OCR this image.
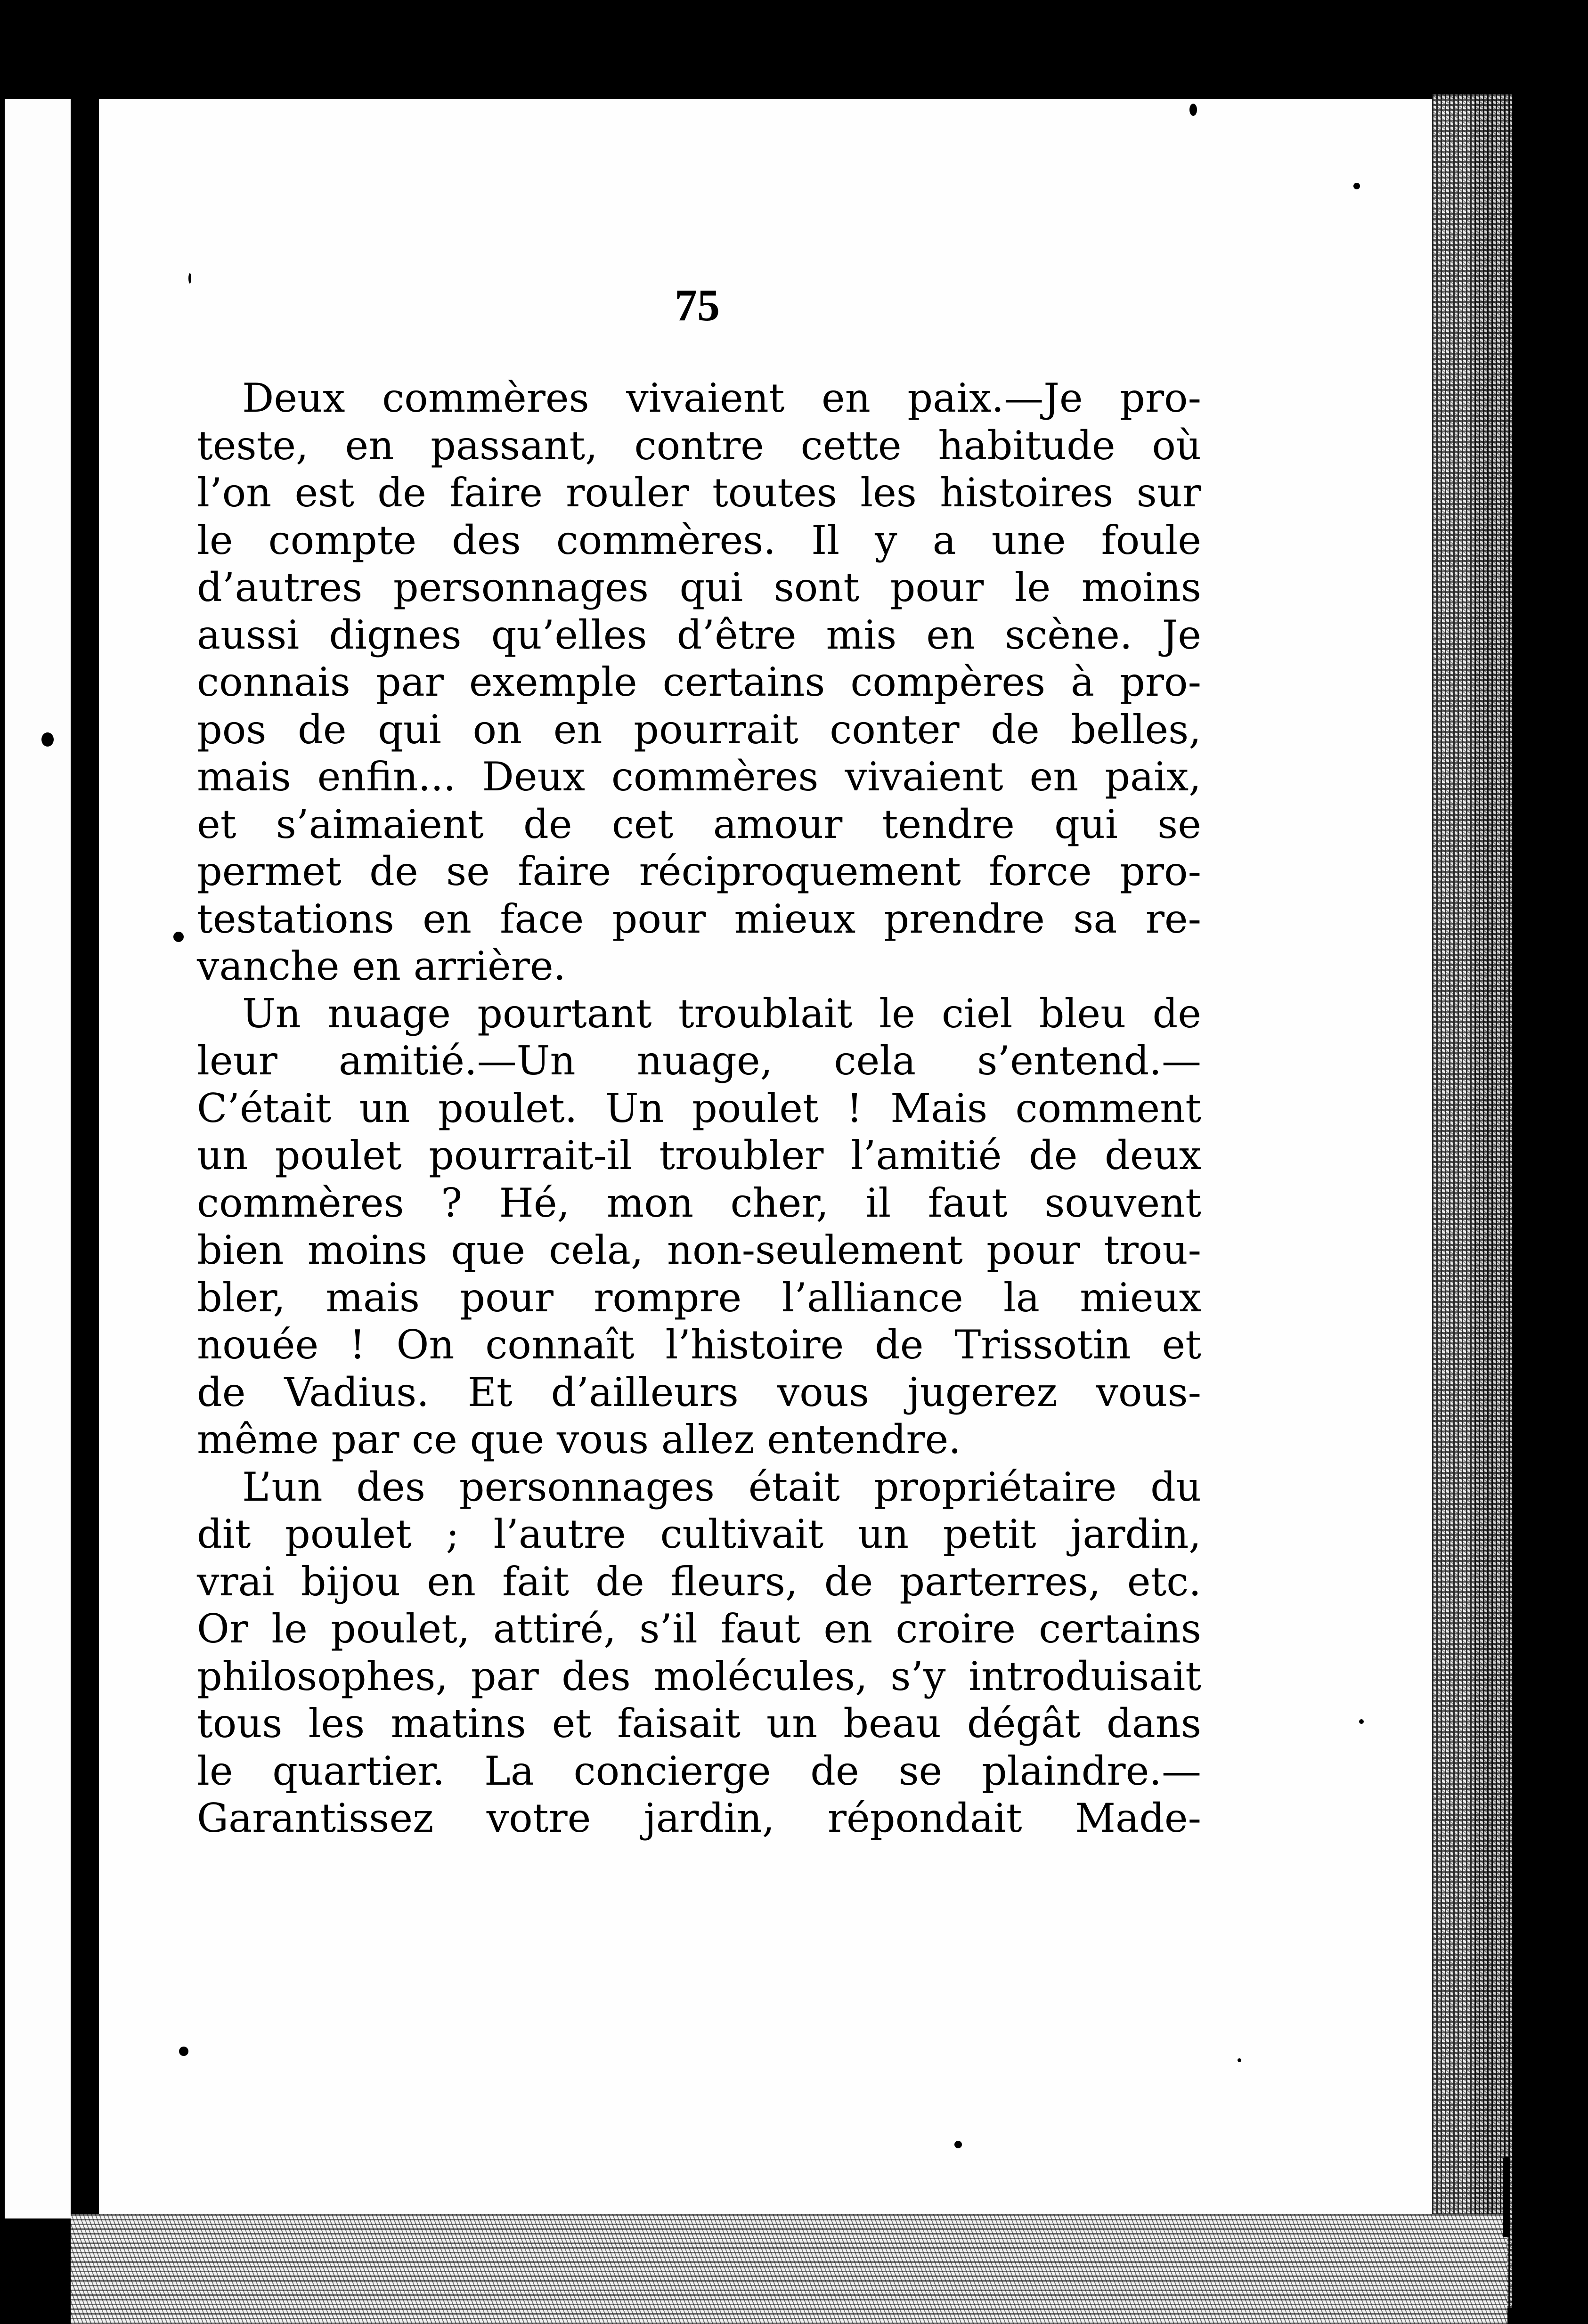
75
Deux commères vivaient en paix.—Je pro-
teste, en passant, contre cette habitude où
l’on est de faire rouler toutes les histoires sur
le compte des commères. Il y a une foule
d’autres personnages qui sont pour le moins
aussi dignes qu’elles d’être mis en scène. Je
connais par exemple certains compères à pro-
pos de qui on en pourrait conter de belles,
mais enfin... Deux commères vivaient en paix,
et s’aimaient de cet amour tendre qui se
permet de se faire réciproquement force pro-
testations en face pour mieux prendre sa re-
vanche en arrière.
Un nuage pourtant troublait le ciel bleu de
leur amitié.—Un nuage, cela s’entend.—
C’était un poulet. Un poulet ! Mais comment
un poulet pourrait-il troubler l’amitié de deux
commères ? Hé, mon cher, il faut souvent
bien moins que cela, non-seulement pour trou-
bler, mais pour rompre l’alliance la mieux
nouée ! On connaît l’histoire de Trissotin et
de Vadius. Et d’ailleurs vous jugerez vous-
même par ce que vous allez entendre.
L’un des personnages était propriétaire du
dit poulet ; l’autre cultivait un petit jardin,
vrai bijou en fait de fleurs, de parterres, etc.
Or le poulet, attiré, s’il faut en croire certains
philosophes, par des molécules, s’y introduisait
tous les matins et faisait un beau dégât dans
le quartier. La concierge de se plaindre.—
Garantissez votre jardin, répondait Made-
